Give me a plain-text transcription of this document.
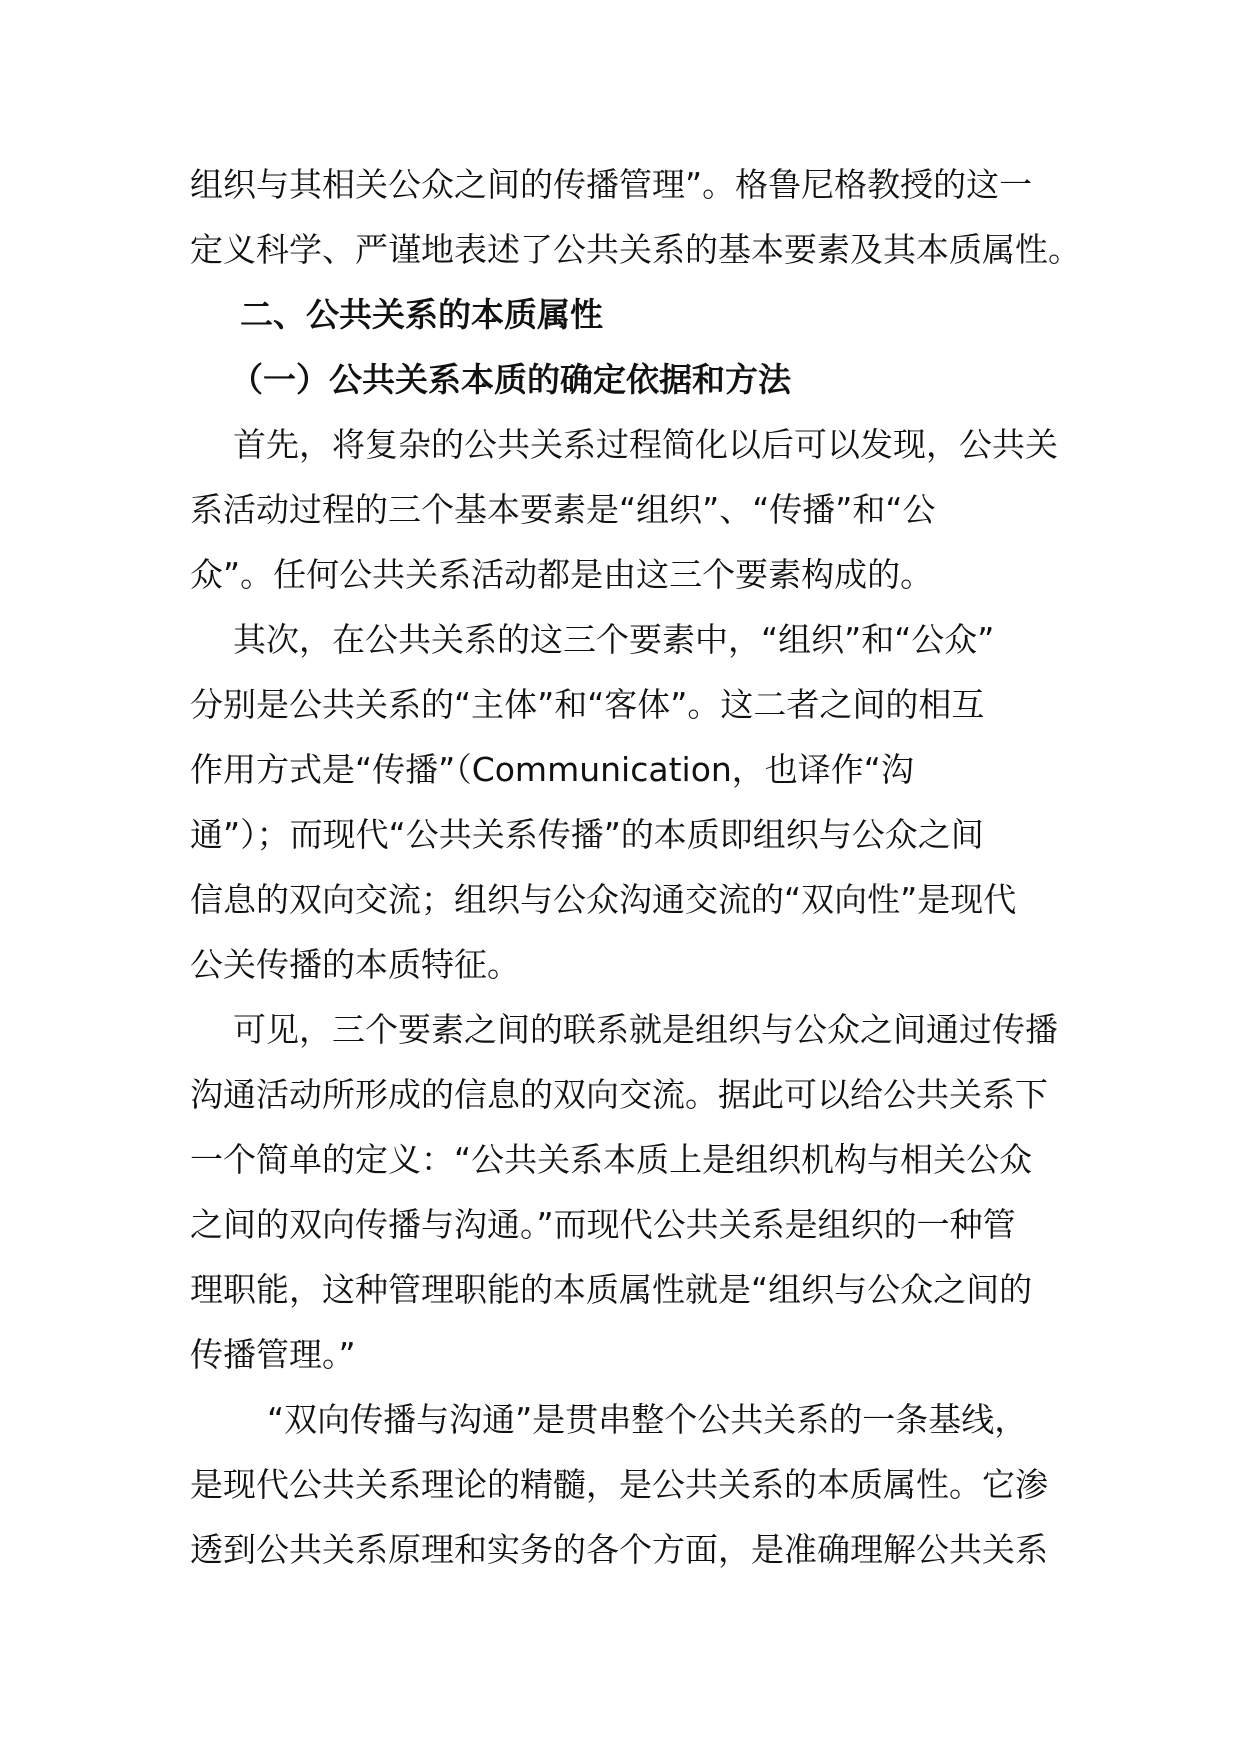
组织与其相关公众之间的传播管理”。格鲁尼格教授的这一
定义科学、严谨地表述了公共关系的基本要素及其本质属性。
二、公共关系的本质属性
（一）公共关系本质的确定依据和方法
首先，将复杂的公共关系过程简化以后可以发现，公共关
系活动过程的三个基本要素是“组织”、“传播”和“公
众”。任何公共关系活动都是由这三个要素构成的。
其次，在公共关系的这三个要素中，“组织”和“公众”
分别是公共关系的“主体”和“客体”。这二者之间的相互
作用方式是“传播”（Communication，也译作“沟
通”）；而现代“公共关系传播”的本质即组织与公众之间
信息的双向交流；组织与公众沟通交流的“双向性”是现代
公关传播的本质特征。
可见，三个要素之间的联系就是组织与公众之间通过传播
沟通活动所形成的信息的双向交流。据此可以给公共关系下
一个简单的定义：“公共关系本质上是组织机构与相关公众
之间的双向传播与沟通。”而现代公共关系是组织的一种管
理职能，这种管理职能的本质属性就是“组织与公众之间的
传播管理。”
“双向传播与沟通”是贯串整个公共关系的一条基线，
是现代公共关系理论的精髓，是公共关系的本质属性。它渗
透到公共关系原理和实务的各个方面，是准确理解公共关系
